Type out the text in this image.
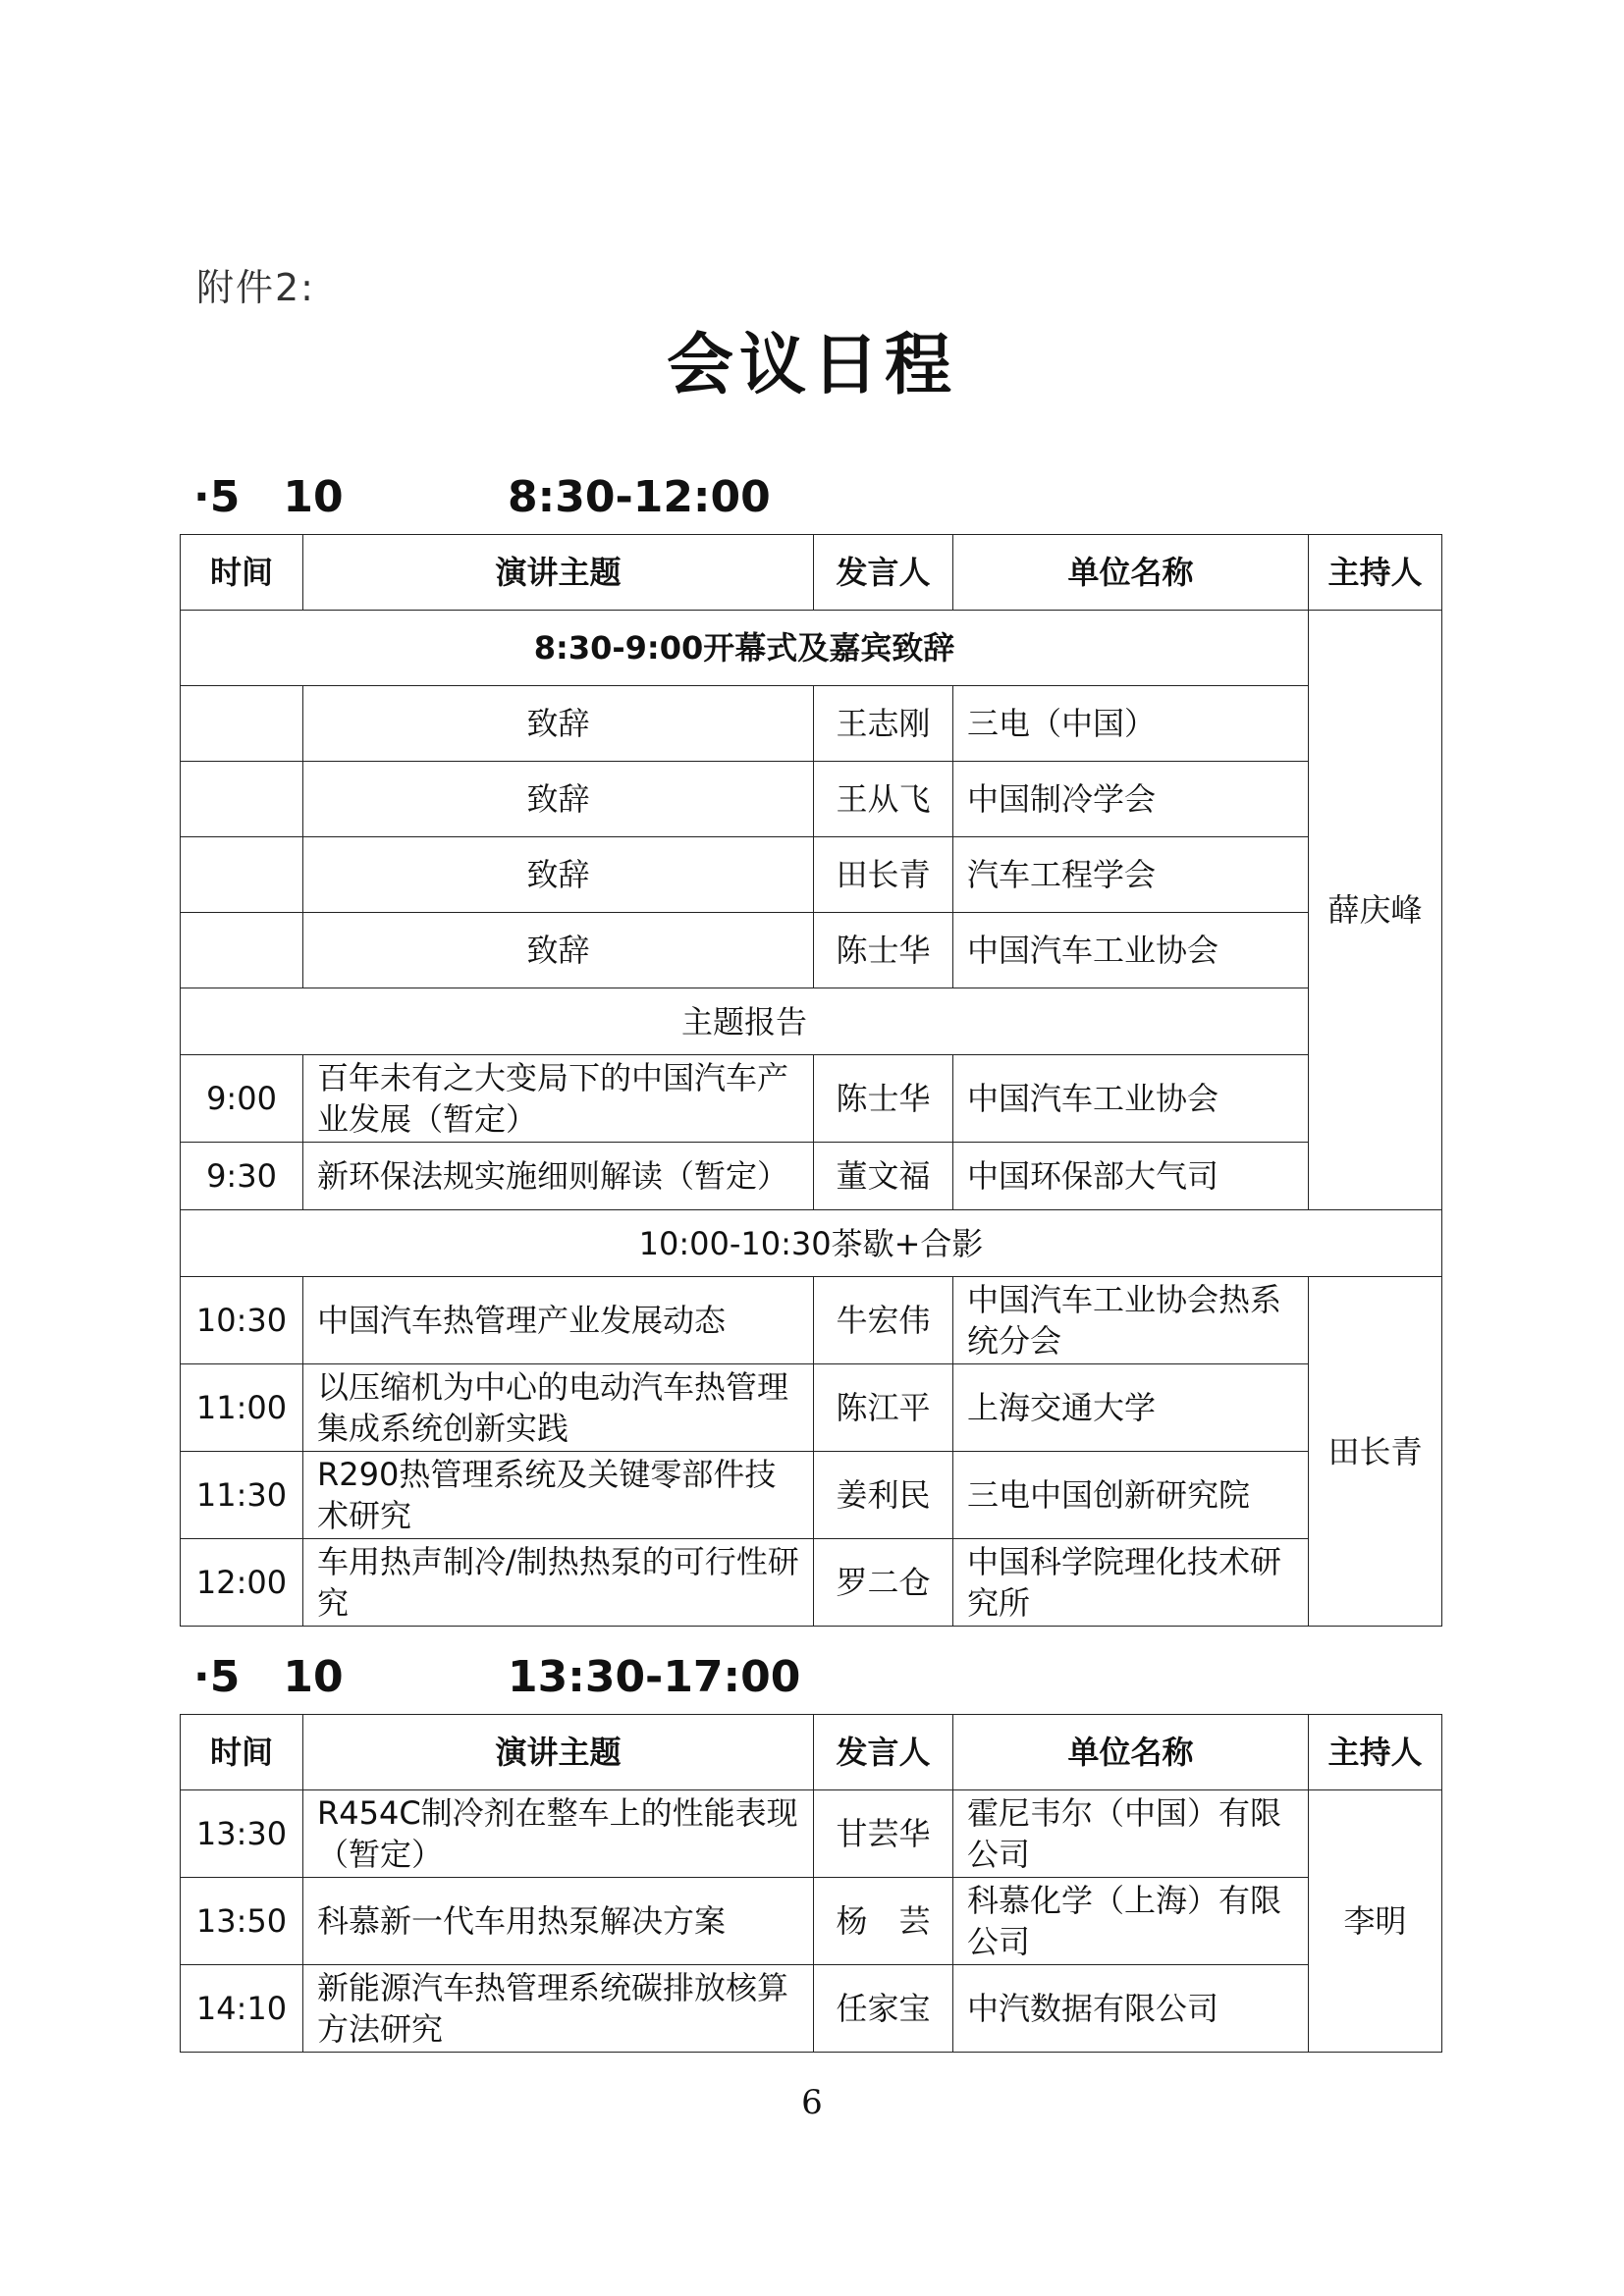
附件2:
会议日程
·5　10	8:30-12:00
时间	演讲主题	发言人	单位名称	主持人
8:30-9:00开幕式及嘉宾致辞				薛庆峰
	致辞	王志刚	三电（中国）	
	致辞	王从飞	中国制冷学会	
	致辞	田长青	汽车工程学会	
	致辞	陈士华	中国汽车工业协会	
主题报告				
9:00	百年未有之大变局下的中国汽车产业发展（暂定）	陈士华	中国汽车工业协会	
9:30	新环保法规实施细则解读（暂定）	董文福	中国环保部大气司	
10:00-10:30茶歇+合影				
10:30	中国汽车热管理产业发展动态	牛宏伟	中国汽车工业协会热系统分会	田长青
11:00	以压缩机为中心的电动汽车热管理集成系统创新实践	陈江平	上海交通大学	
11:30	R290热管理系统及关键零部件技术研究	姜利民	三电中国创新研究院	
12:00	车用热声制冷/制热热泵的可行性研究	罗二仓	中国科学院理化技术研究所	
·5　10	13:30-17:00
时间	演讲主题	发言人	单位名称	主持人
13:30	R454C制冷剂在整车上的性能表现（暂定）	甘芸华	霍尼韦尔（中国）有限公司	李明
13:50	科慕新一代车用热泵解决方案	杨　芸	科慕化学（上海）有限公司	
14:10	新能源汽车热管理系统碳排放核算方法研究	任家宝	中汽数据有限公司	
6
